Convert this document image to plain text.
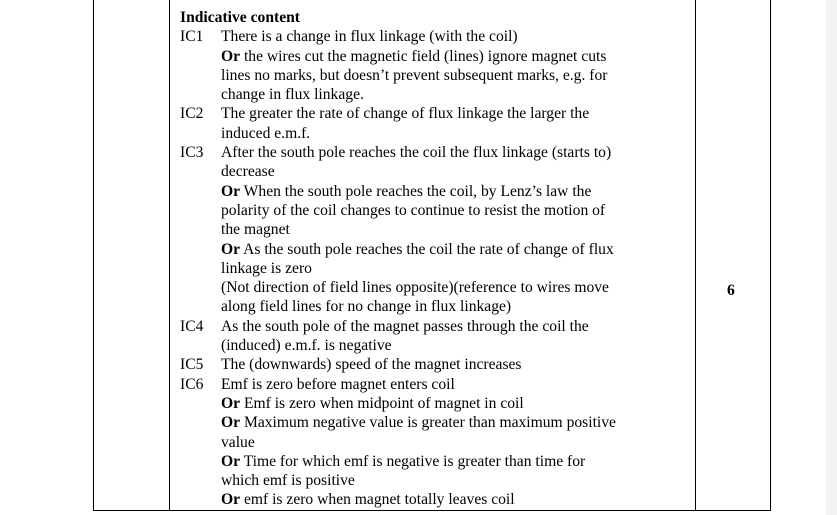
Indicative content
IC1	There is a change in flux linkage (with the coil)
Or the wires cut the magnetic field (lines) ignore magnet cuts
lines no marks, but doesn’t prevent subsequent marks, e.g. for
change in flux linkage.
IC2	The greater the rate of change of flux linkage the larger the
induced e.m.f.
IC3	After the south pole reaches the coil the flux linkage (starts to)
decrease
Or When the south pole reaches the coil, by Lenz’s law the
polarity of the coil changes to continue to resist the motion of
the magnet
Or As the south pole reaches the coil the rate of change of flux
linkage is zero
(Not direction of field lines opposite)(reference to wires move
along field lines for no change in flux linkage)
IC4	As the south pole of the magnet passes through the coil the
(induced) e.m.f. is negative
IC5	The (downwards) speed of the magnet increases
IC6	Emf is zero before magnet enters coil
Or Emf is zero when midpoint of magnet in coil
Or Maximum negative value is greater than maximum positive
value
Or Time for which emf is negative is greater than time for
which emf is positive
Or emf is zero when magnet totally leaves coil
6
